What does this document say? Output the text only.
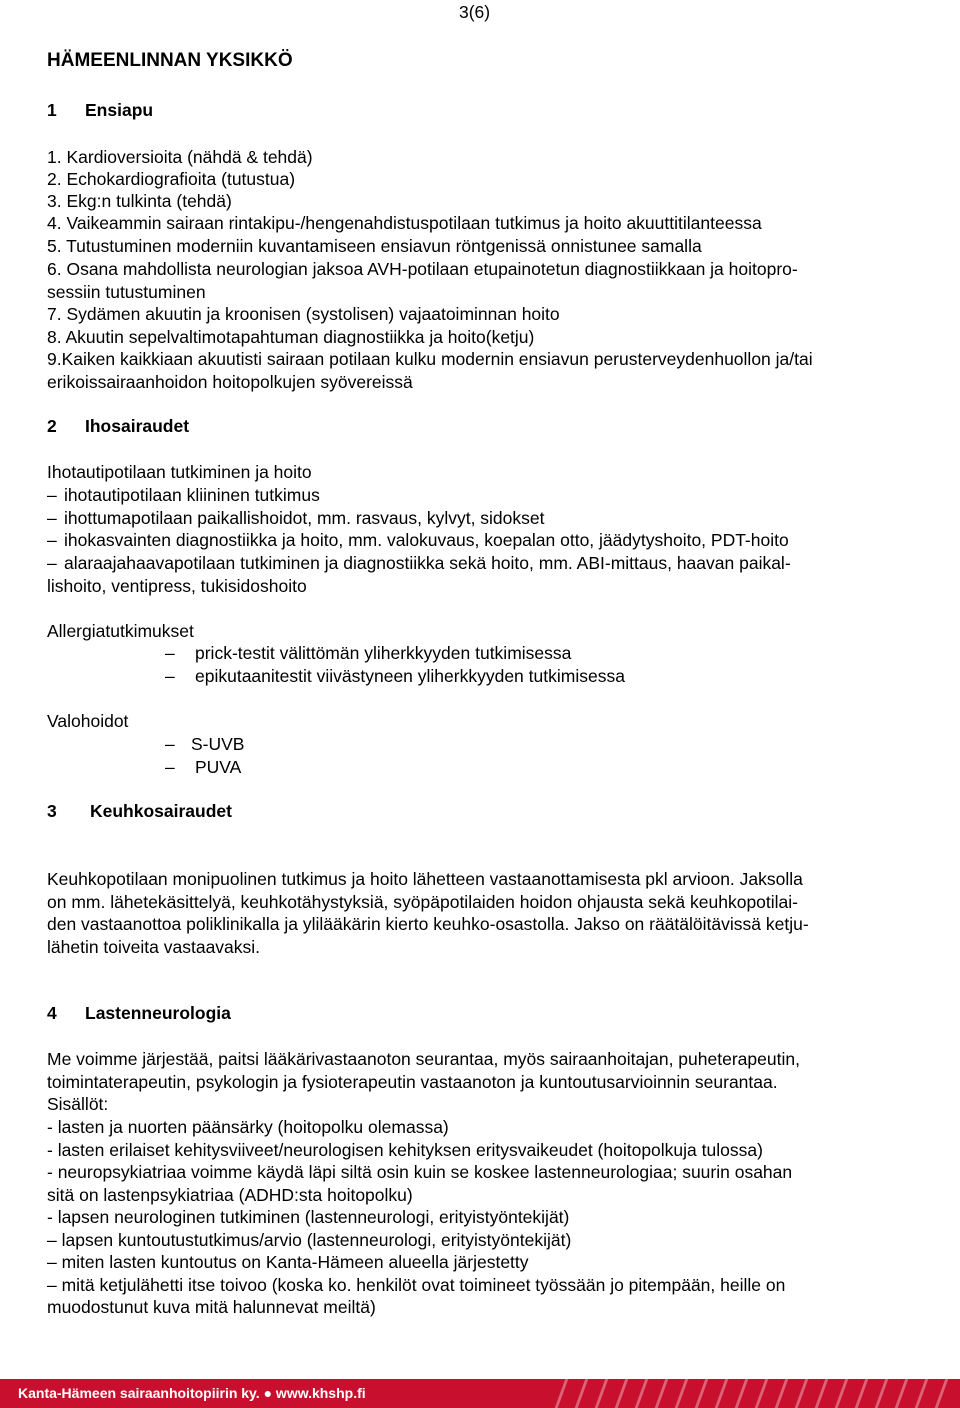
3(6)
HÄMEENLINNAN YKSIKKÖ
1 Ensiapu
1. Kardioversioita (nähdä & tehdä)
2. Echokardiografioita (tutustua)
3. Ekg:n tulkinta (tehdä)
4. Vaikeammin sairaan rintakipu-/hengenahdistuspotilaan tutkimus ja hoito akuuttitilanteessa
5. Tutustuminen moderniin kuvantamiseen ensiavun röntgenissä onnistunee samalla
6. Osana mahdollista neurologian jaksoa AVH-potilaan etupainotetun diagnostiikkaan ja hoitopro-
sessiin tutustuminen
7. Sydämen akuutin ja kroonisen (systolisen) vajaatoiminnan hoito
8. Akuutin sepelvaltimotapahtuman diagnostiikka ja hoito(ketju)
9.Kaiken kaikkiaan akuutisti sairaan potilaan kulku modernin ensiavun perusterveydenhuollon ja/tai
erikoissairaanhoidon hoitopolkujen syövereissä
2 Ihosairaudet
Ihotautipotilaan tutkiminen ja hoito
– ihotautipotilaan kliininen tutkimus
– ihottumapotilaan paikallishoidot, mm. rasvaus, kylvyt, sidokset
– ihokasvainten diagnostiikka ja hoito, mm. valokuvaus, koepalan otto, jäädytyshoito, PDT-hoito
– alaraajahaavapotilaan tutkiminen ja diagnostiikka sekä hoito, mm. ABI-mittaus, haavan paikal-
lishoito, ventipress, tukisidoshoito
Allergiatutkimukset
– prick-testit välittömän yliherkkyyden tutkimisessa
– epikutaanitestit viivästyneen yliherkkyyden tutkimisessa
Valohoidot
– S-UVB
– PUVA
3 Keuhkosairaudet
Keuhkopotilaan monipuolinen tutkimus ja hoito lähetteen vastaanottamisesta pkl arvioon. Jaksolla
on mm. lähetekäsittelyä, keuhkotähystyksiä, syöpäpotilaiden hoidon ohjausta sekä keuhkopotilai-
den vastaanottoa poliklinikalla ja ylilääkärin kierto keuhko-osastolla. Jakso on räätälöitävissä ketju-
lähetin toiveita vastaavaksi.
4 Lastenneurologia
Me voimme järjestää, paitsi lääkärivastaanoton seurantaa, myös sairaanhoitajan, puheterapeutin,
toimintaterapeutin, psykologin ja fysioterapeutin vastaanoton ja kuntoutusarvioinnin seurantaa.
Sisällöt:
- lasten ja nuorten päänsärky (hoitopolku olemassa)
- lasten erilaiset kehitysviiveet/neurologisen kehityksen eritysvaikeudet (hoitopolkuja tulossa)
- neuropsykiatriaa voimme käydä läpi siltä osin kuin se koskee lastenneurologiaa; suurin osahan
sitä on lastenpsykiatriaa (ADHD:sta hoitopolku)
- lapsen neurologinen tutkiminen (lastenneurologi, erityistyöntekijät)
– lapsen kuntoutustutkimus/arvio (lastenneurologi, erityistyöntekijät)
– miten lasten kuntoutus on Kanta-Hämeen alueella järjestetty
– mitä ketjulähetti itse toivoo (koska ko. henkilöt ovat toimineet työssään jo pitempään, heille on
muodostunut kuva mitä halunnevat meiltä)
Kanta-Hämeen sairaanhoitopiirin ky. ● www.khshp.fi
